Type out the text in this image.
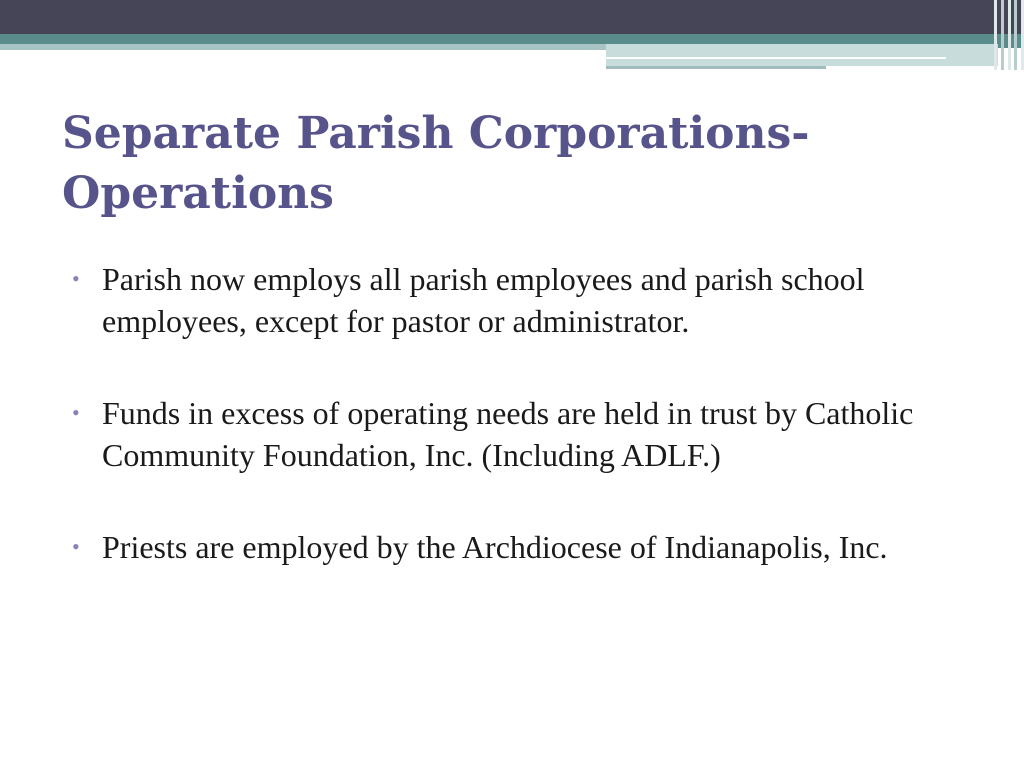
Separate Parish Corporations-
Operations
• Parish now employs all parish employees and parish school employees, except for pastor or administrator.
• Funds in excess of operating needs are held in trust by Catholic Community Foundation, Inc. (Including ADLF.)
• Priests are employed by the Archdiocese of Indianapolis, Inc.
